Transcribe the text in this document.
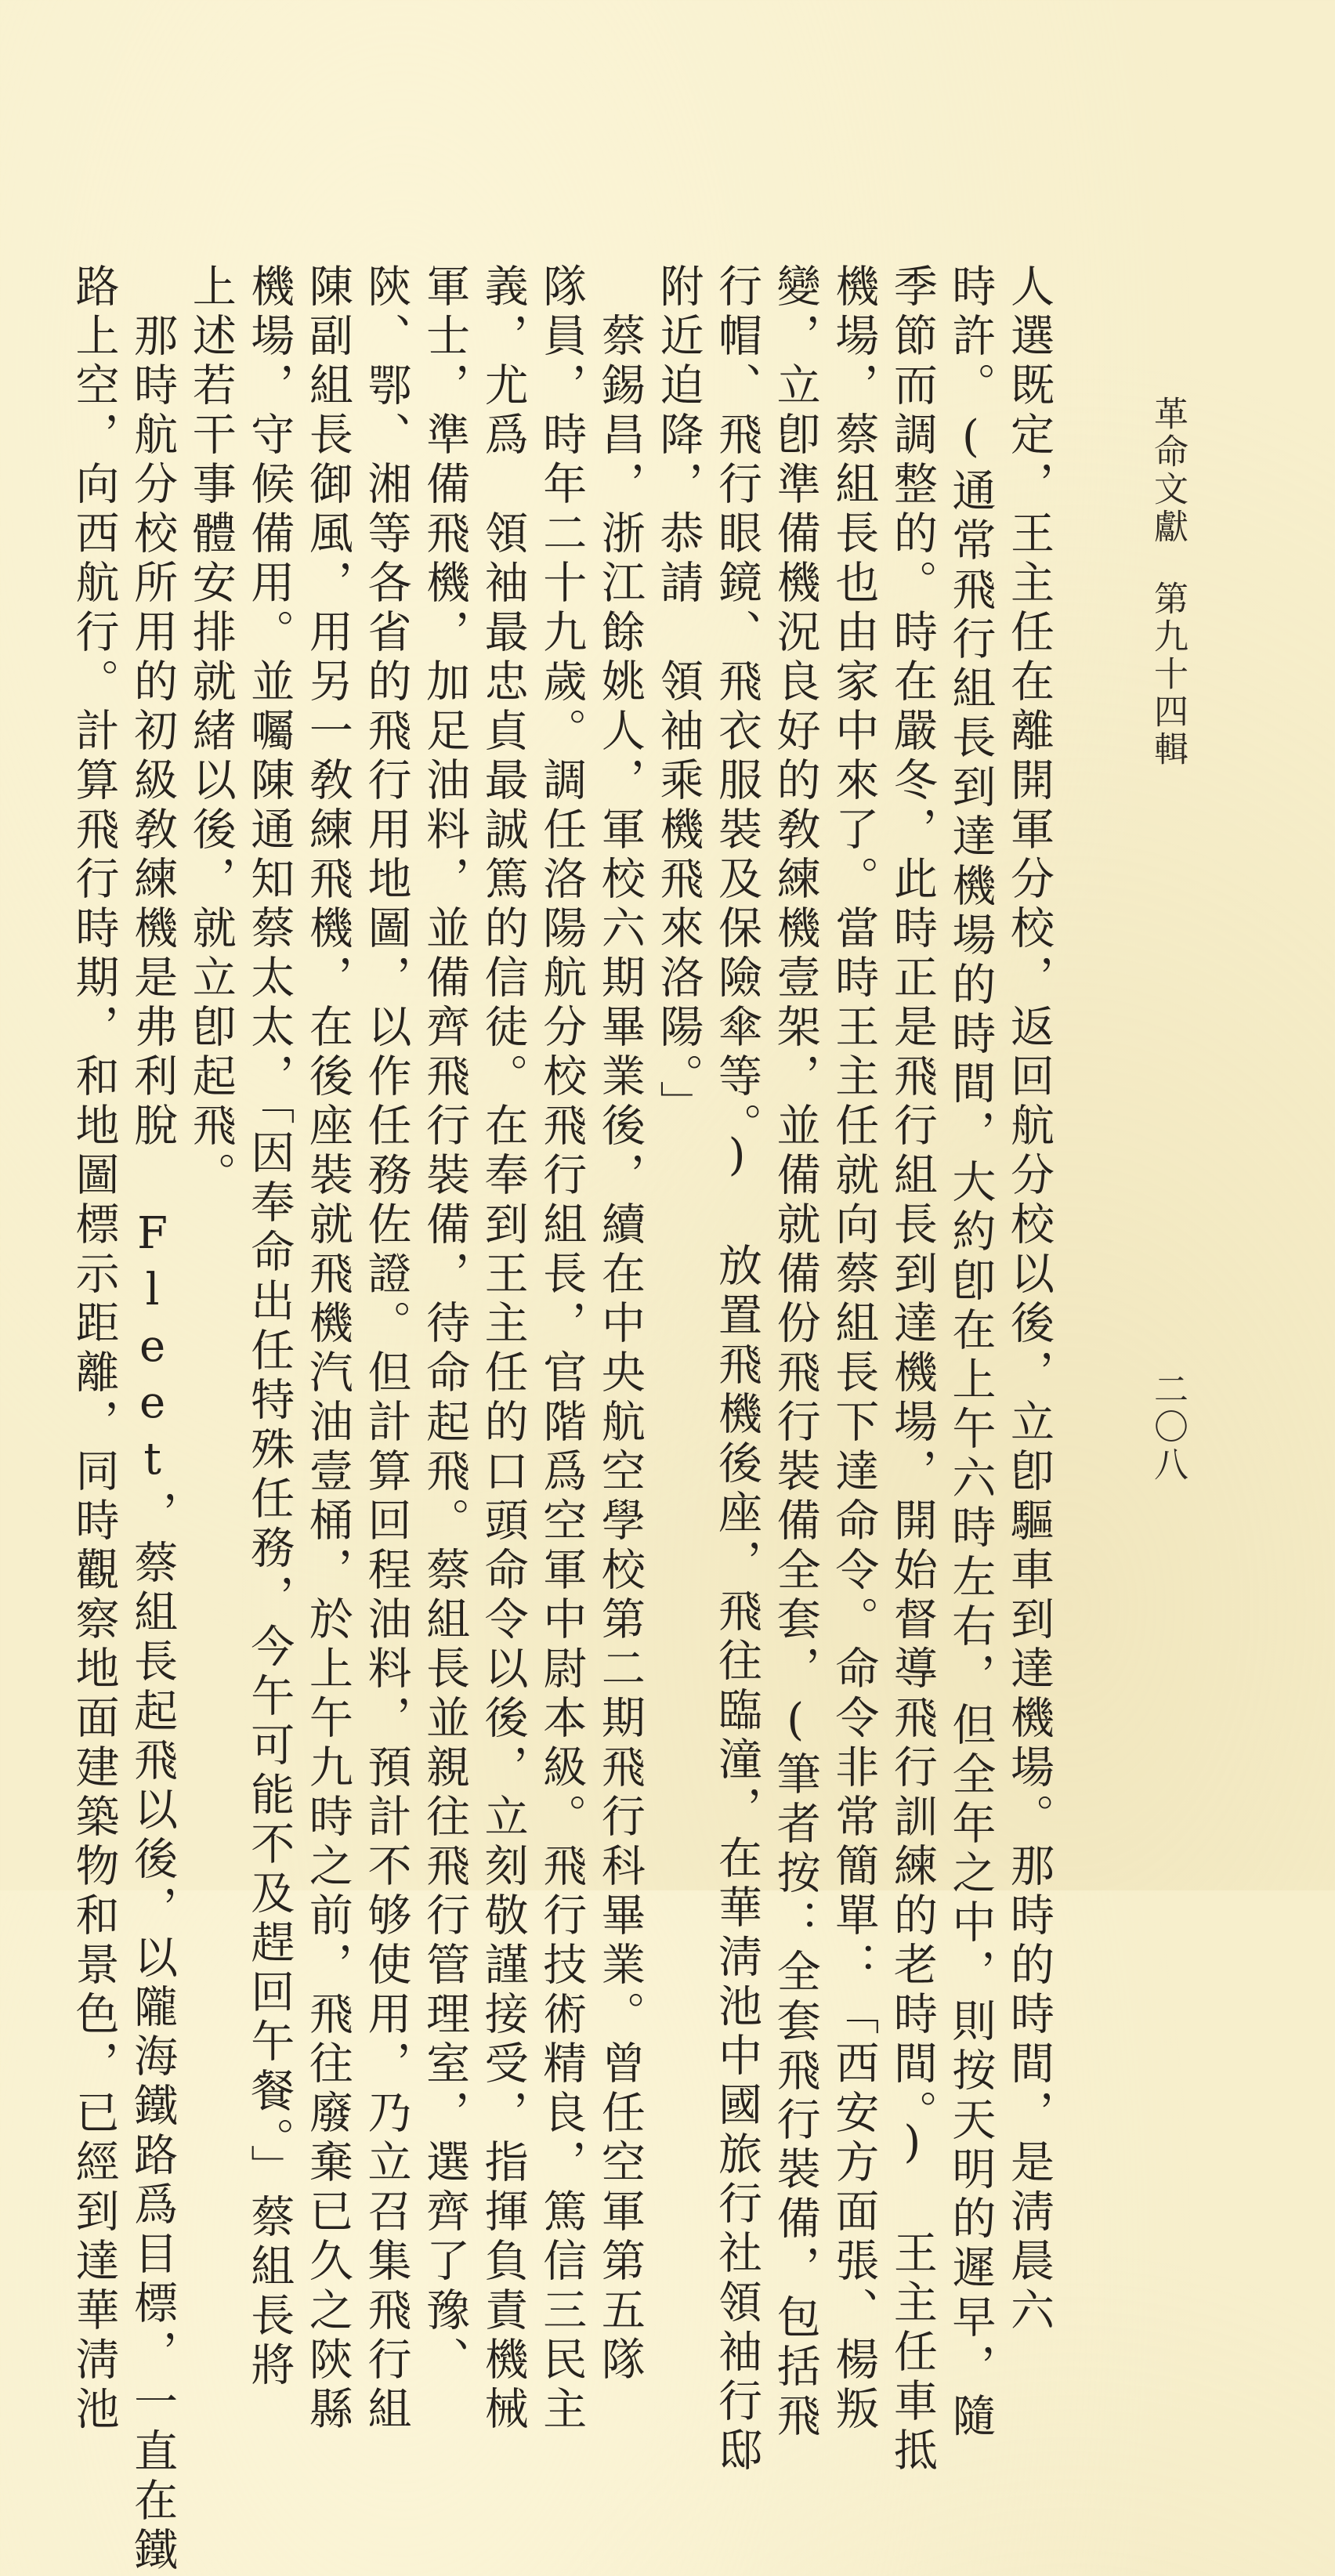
革命文獻第九十四輯
二〇八
人選既定，王主任在離開軍分校，返回航分校以後，立卽驅車到達機場。那時的時間，是淸晨六
時許。(通常飛行組長到達機場的時間，大約卽在上午六時左右，但全年之中，則按天明的遲早，隨
季節而調整的。時在嚴冬，此時正是飛行組長到達機場，開始督導飛行訓練的老時間。) 王主任車抵
機場，蔡組長也由家中來了。當時王主任就向蔡組長下達命令。命令非常簡單：「西安方面張、楊叛
變，立卽準備機況良好的敎練機壹架，並備就備份飛行裝備全套，(筆者按：全套飛行裝備，包括飛
行帽、飛行眼鏡、飛衣服裝及保險傘等。) 放置飛機後座，飛往臨潼，在華淸池中國旅行社領袖行邸
附近迫降，恭請　領袖乘機飛來洛陽。」
　蔡錫昌，浙江餘姚人，軍校六期畢業後，續在中央航空學校第二期飛行科畢業。曾任空軍第五隊
隊員，時年二十九歲。調任洛陽航分校飛行組長，官階爲空軍中尉本級。飛行技術精良，篤信三民主
義，尤爲　領袖最忠貞最誠篤的信徒。在奉到王主任的口頭命令以後，立刻敬謹接受，指揮負責機械
軍士，準備飛機，加足油料，並備齊飛行裝備，待命起飛。蔡組長並親往飛行管理室，選齊了豫、
陝、鄂、湘等各省的飛行用地圖，以作任務佐證。但計算回程油料，預計不够使用，乃立召集飛行組
陳副組長御風，用另一敎練飛機，在後座裝就飛機汽油壹桶，於上午九時之前，飛往廢棄已久之陝縣
機場，守候備用。並囑陳通知蔡太太，「因奉命出任特殊任務，今午可能不及趕回午餐。」蔡組長將
上述若干事體安排就緒以後，就立卽起飛。
　那時航分校所用的初級敎練機是弗利脫 Fleet，蔡組長起飛以後，以隴海鐵路爲目標，一直在鐵
路上空，向西航行。計算飛行時期，和地圖標示距離，同時觀察地面建築物和景色，已經到達華淸池
